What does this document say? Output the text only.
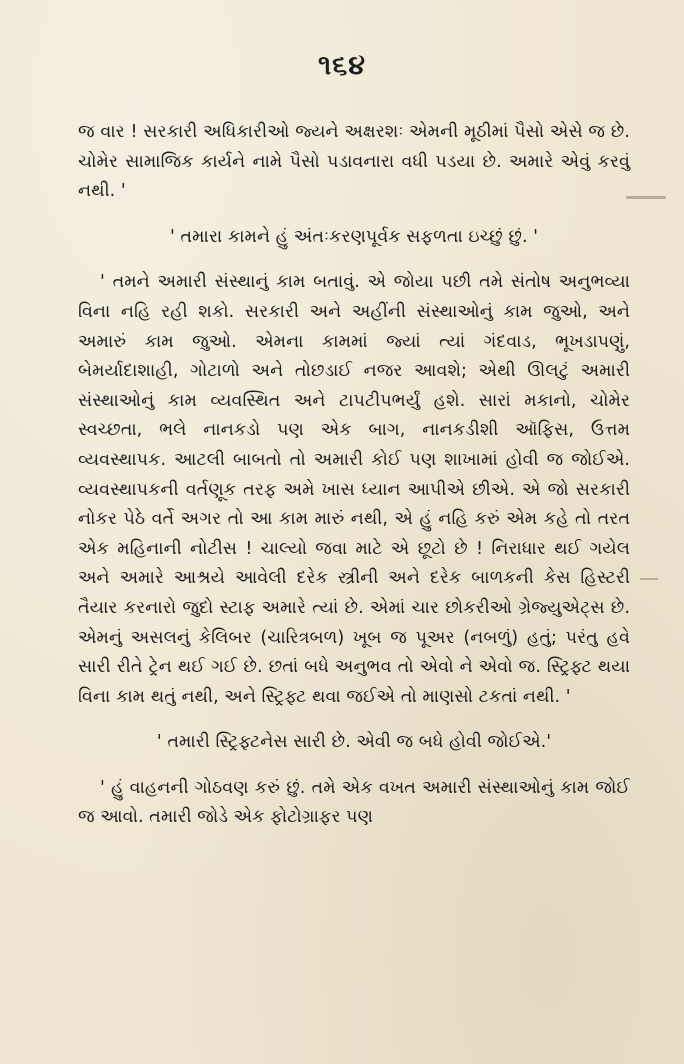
૧૬૪

જ વાર ! સરકારી અધિકારીઓ જ્યને અક્ષરશઃ એમની મૂઠીમાં પૈસો એસે જ છે. ચોમેર સામાજિક કાર્યને નામે પૈસો પડાવનારા વધી પડયા છે. અમારે એવું કરવું નથી. '

' તમારા કામને હું અંતઃકરણપૂર્વક સફળતા ઇચ્છું છું. '

' તમને અમારી સંસ્થાનું કામ બતાવું. એ જોયા પછી તમે સંતોષ અનુભવ્યા વિના નહિ રહી શકો. સરકારી અને અહીંની સંસ્થાઓનું કામ જુઓ, અને અમારું કામ જુઓ. એમના કામમાં જ્યાં ત્યાં ગંદવાડ, ભૂખડાપણું, બેમર્યાદાશાહી, ગોટાળો અને તોછડાઈ નજર આવશે; એથી ઊલટું અમારી સંસ્થાઓનું કામ વ્યવસ્થિત અને ટાપટીપભર્યું હશે. સારાં મકાનો, ચોમેર સ્વચ્છતા, ભલે નાનકડો પણ એક બાગ, નાનકડીશી ઑફિસ, ઉત્તમ વ્યવસ્થાપક. આટલી બાબતો તો અમારી કોઈ પણ શાખામાં હોવી જ જોઈએ. વ્યવસ્થાપકની વર્તણૂક તરફ અમે ખાસ ધ્યાન આપીએ છીએ. એ જો સરકારી નોકર પેઠે વર્તે અગર તો આ કામ મારું નથી, એ હું નહિ કરું એમ કહે તો તરત એક મહિનાની નોટીસ ! ચાલ્યો જવા માટે એ છૂટો છે ! નિરાધાર થઈ ગયેલ અને અમારે આશ્રયે આવેલી દરેક સ્ત્રીની અને દરેક બાળકની કેસ હિસ્ટરી તૈયાર કરનારો જુદો સ્ટાફ અમારે ત્યાં છે. એમાં ચાર છોકરીઓ ગ્રેજ્યુએટ્સ છે. એમનું અસલનું કેલિબર (ચારિત્રબળ) ખૂબ જ પૂઅર (નબળું) હતું; પરંતુ હવે સારી રીતે ટ્રેન થઈ ગઈ છે. છતાં બધે અનુભવ તો એવો ને એવો જ. સ્ટ્રિફ્ટ થયા વિના કામ થતું નથી, અને સ્ટ્રિફ્ટ થવા જઈએ તો માણસો ટકતાં નથી. '

' તમારી સ્ટ્રિફ્ટનેસ સારી છે. એવી જ બધે હોવી જોઈએ.'

' હું વાહનની ગોઠવણ કરું છું. તમે એક વખત અમારી સંસ્થાઓનું કામ જોઈ જ આવો. તમારી જોડે એક ફોટોગ્રાફર પણ
